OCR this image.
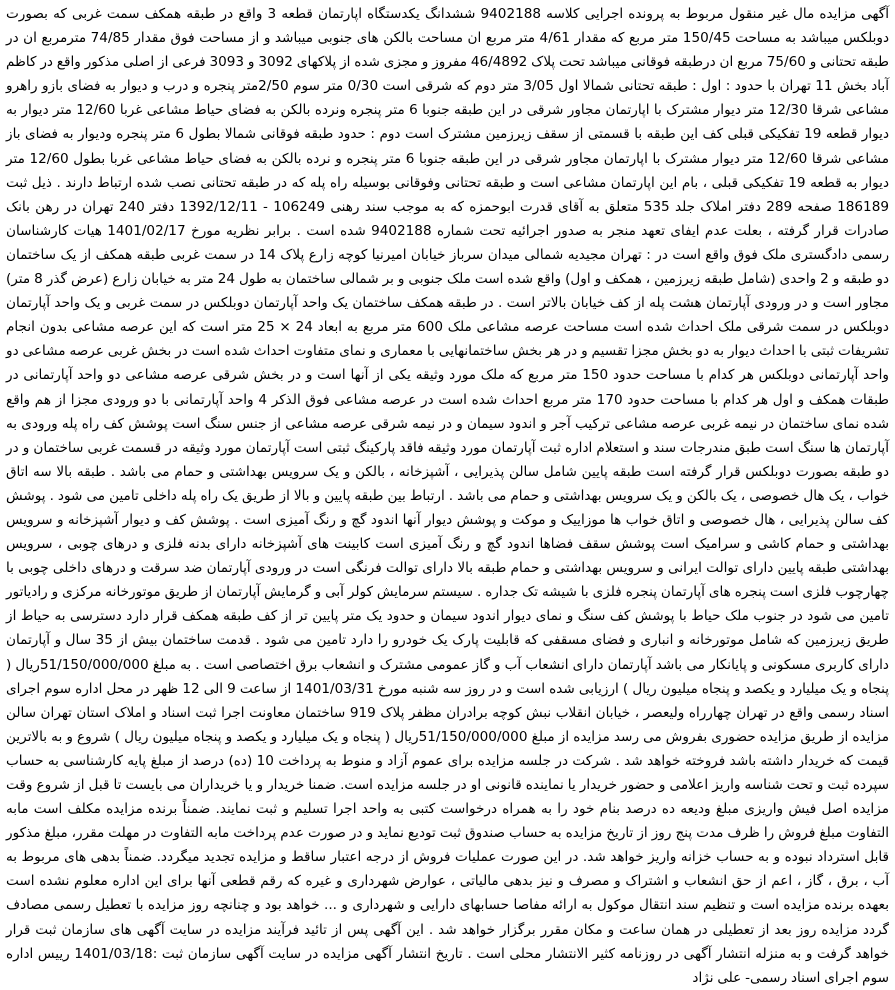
آگهی مزایده مال غیر منقول مربوط به پرونده اجرایی کلاسه 9402188 ششدانگ یکدستگاه اپارتمان قطعه 3 واقع در طبقه همکف سمت غربی که بصورت دوبلکس میباشد به مساحت 150/45 متر مربع که مقدار 4/61 متر مربع ان مساحت بالکن های جنوبی میباشد و از مساحت فوق مقدار 74/85 مترمربع ان در طبقه تحتانی و 75/60 مربع ان درطبقه فوقانی میباشد تحت پلاک 46/4892 مفروز و مجزی شده از پلاکهای 3092 و 3093 فرعی از اصلی مذکور واقع در کاظم آباد بخش 11 تهران با حدود : اول : طبقه تحتانی شمالا اول 3/05 متر دوم که شرقی است 0/30 متر سوم 2/50متر پنجره و درب و دیوار به فضای بازو راهرو مشاعی شرقا 12/30 متر دیوار مشترک با اپارتمان مجاور شرقی در این طبقه جنوبا 6 متر پنجره ونرده بالکن به فضای حیاط مشاعی غربا 12/60 متر دیوار به دیوار قطعه 19 تفکیکی قبلی کف این طبقه با قسمتی از سقف زیرزمین مشترک است دوم : حدود طبقه فوقانی شمالا بطول 6 متر پنجره ودیوار به فضای باز مشاعی شرقا 12/60 متر دیوار مشترک با اپارتمان مجاور شرقی در این طبقه جنوبا 6 متر پنجره و نرده بالکن به فضای حیاط مشاعی غربا بطول 12/60 متر دیوار به قطعه 19 تفکیکی قبلی ، بام این اپارتمان مشاعی است و طبقه تحتانی وفوقانی بوسیله راه پله که در طبقه تحتانی نصب شده ارتباط دارند . ذیل ثبت 186189 صفحه 289 دفتر املاک جلد 535 متعلق به آقای قدرت ابوحمزه که به موجب سند رهنی 106249 - 1392/12/11 دفتر 240 تهران در رهن بانک صادرات قرار گرفته ، بعلت عدم ایفای تعهد منجر به صدور اجرائیه تحت شماره 9402188 شده است . برابر نظریه مورخ 1401/02/17 هیات کارشناسان رسمی دادگستری ملک فوق واقع است در : تهران مجیدیه شمالی میدان سرباز خیابان امیرنیا کوچه زارع پلاک 14 در سمت غربی طبقه همکف از یک ساختمان دو طبقه و 2 واحدی (شامل طبقه زیرزمین ، همکف و اول) واقع شده است ملک جنوبی و بر شمالی ساختمان به طول 24 متر به خیابان زارع (عرض گذر 8 متر) مجاور است و در ورودی آپارتمان هشت پله از کف خیابان بالاتر است . در طبقه همکف ساختمان یک واحد آپارتمان دوبلکس در سمت غربی و یک واحد آپارتمان دوبلکس در سمت شرقی ملک احداث شده است مساحت عرصه مشاعی ملک 600 متر مربع به ابعاد 24 × 25 متر است که این عرصه مشاعی بدون انجام تشریفات ثبتی با احداث دیوار به دو بخش مجزا تقسیم و در هر بخش ساختمانهایی با معماری و نمای متفاوت احداث شده است در بخش غربی عرصه مشاعی دو واحد آپارتمانی دوبلکس هر کدام با مساحت حدود 150 متر مربع که ملک مورد وثیقه یکی از آنها است و در بخش شرقی عرصه مشاعی دو واحد آپارتمانی در طبقات همکف و اول هر کدام با مساحت حدود 170 متر مربع احداث شده است در عرصه مشاعی فوق الذکر 4 واحد آپارتمانی با دو ورودی مجزا از هم واقع شده نمای ساختمان در نیمه غربی عرصه مشاعی ترکیب آجر و اندود سیمان و در نیمه شرقی عرصه مشاعی از جنس سنگ است پوشش کف راه پله ورودی به آپارتمان ها سنگ است طبق مندرجات سند و استعلام اداره ثبت آپارتمان مورد وثیقه فاقد پارکینگ ثبتی است آپارتمان مورد وثیقه در قسمت غربی ساختمان و در دو طبقه بصورت دوبلکس قرار گرفته است طبقه پایین شامل سالن پذیرایی ، آشپزخانه ، بالکن و یک سرویس بهداشتی و حمام می باشد . طبقه بالا سه اتاق خواب ، یک هال خصوصی ، یک بالکن و یک سرویس بهداشتی و حمام می باشد . ارتباط بین طبقه پایین و بالا از طریق یک راه پله داخلی تامین می شود . پوشش کف سالن پذیرایی ، هال خصوصی و اتاق خواب ها موزاییک و موکت و پوشش دیوار آنها اندود گچ و رنگ آمیزی است . پوشش کف و دیوار آشپزخانه و سرویس بهداشتی و حمام کاشی و سرامیک است پوشش سقف فضاها اندود گچ و رنگ آمیزی است کابینت های آشپزخانه دارای بدنه فلزی و درهای چوبی ، سرویس بهداشتی طبقه پایین دارای توالت ایرانی و سرویس بهداشتی و حمام طبقه بالا دارای توالت فرنگی است در ورودی آپارتمان ضد سرقت و درهای داخلی چوبی با چهارچوب فلزی است پنجره های آپارتمان پنجره فلزی با شیشه تک جداره . سیستم سرمایش کولر آبی و گرمایش آپارتمان از طریق موتورخانه مرکزی و رادیاتور تامین می شود در جنوب ملک حیاط با پوشش کف سنگ و نمای دیوار اندود سیمان و حدود یک متر پایین تر از کف طبقه همکف قرار دارد دسترسی به حیاط از طریق زیرزمین که شامل موتورخانه و انباری و فضای مسقفی که قابلیت پارک یک خودرو را دارد تامین می شود . قدمت ساختمان بیش از 35 سال و آپارتمان دارای کاربری مسکونی و پایانکار می باشد آپارتمان دارای انشعاب آب و گاز عمومی مشترک و انشعاب برق اختصاصی است . به مبلغ 51/150/000/000ریال ( پنجاه و یک میلیارد و یکصد و پنجاه میلیون ریال ) ارزیابی شده است و در روز سه شنبه مورخ 1401/03/31 از ساعت 9 الی 12 ظهر در محل اداره سوم اجرای اسناد رسمی واقع در تهران چهارراه ولیعصر ، خیابان انقلاب نبش کوچه برادران مظفر پلاک 919 ساختمان معاونت اجرا ثبت اسناد و املاک استان تهران سالن مزایده از طریق مزایده حضوری بفروش می رسد مزایده از مبلغ 51/150/000/000ریال ( پنجاه و یک میلیارد و یکصد و پنجاه میلیون ریال ) شروع و به بالاترین قیمت که خریدار داشته باشد فروخته خواهد شد . شرکت در جلسه مزایده برای عموم آزاد و منوط به پرداخت 10 (ده) درصد از مبلغ پایه کارشناسی به حساب سپرده ثبت و تحت شناسه واریز اعلامی و حضور خریدار یا نماینده قانونی او در جلسه مزایده است. ضمنا خریدار و یا خریداران می بایست تا قبل از شروع وقت مزایده اصل فیش واریزی مبلغ ودیعه ده درصد بنام خود را به همراه درخواست کتبی به واحد اجرا تسلیم و ثبت نمایند. ضمناً برنده مزایده مکلف است مابه التفاوت مبلغ فروش را ظرف مدت پنج روز از تاریخ مزایده به حساب صندوق ثبت تودیع نماید و در صورت عدم پرداخت مابه التفاوت در مهلت مقرر، مبلغ مذکور قابل استرداد نبوده و به حساب خزانه واریز خواهد شد. در این صورت عملیات فروش از درجه اعتبار ساقط و مزایده تجدید میگردد. ضمناً بدهی های مربوط به آب ، برق ، گاز ، اعم از حق انشعاب و اشتراک و مصرف و نیز بدهی مالیاتی ، عوارض شهرداری و غیره که رقم قطعی آنها برای این اداره معلوم نشده است بعهده برنده مزایده است و تنظیم سند انتقال موکول به ارائه مفاصا حسابهای دارایی و شهرداری و ... خواهد بود و چنانچه روز مزایده با تعطیل رسمی مصادف گردد مزایده روز بعد از تعطیلی در همان ساعت و مکان مقرر برگزار خواهد شد . این آگهی پس از تائید فرآیند مزایده در سایت آگهی های سازمان ثبت قرار خواهد گرفت و به منزله انتشار آگهی در روزنامه کثیر الانتشار محلی است . تاریخ انتشار آگهی مزایده در سایت آگهی سازمان ثبت :1401/03/18 رییس اداره سوم اجرای اسناد رسمی- علی نژاد
